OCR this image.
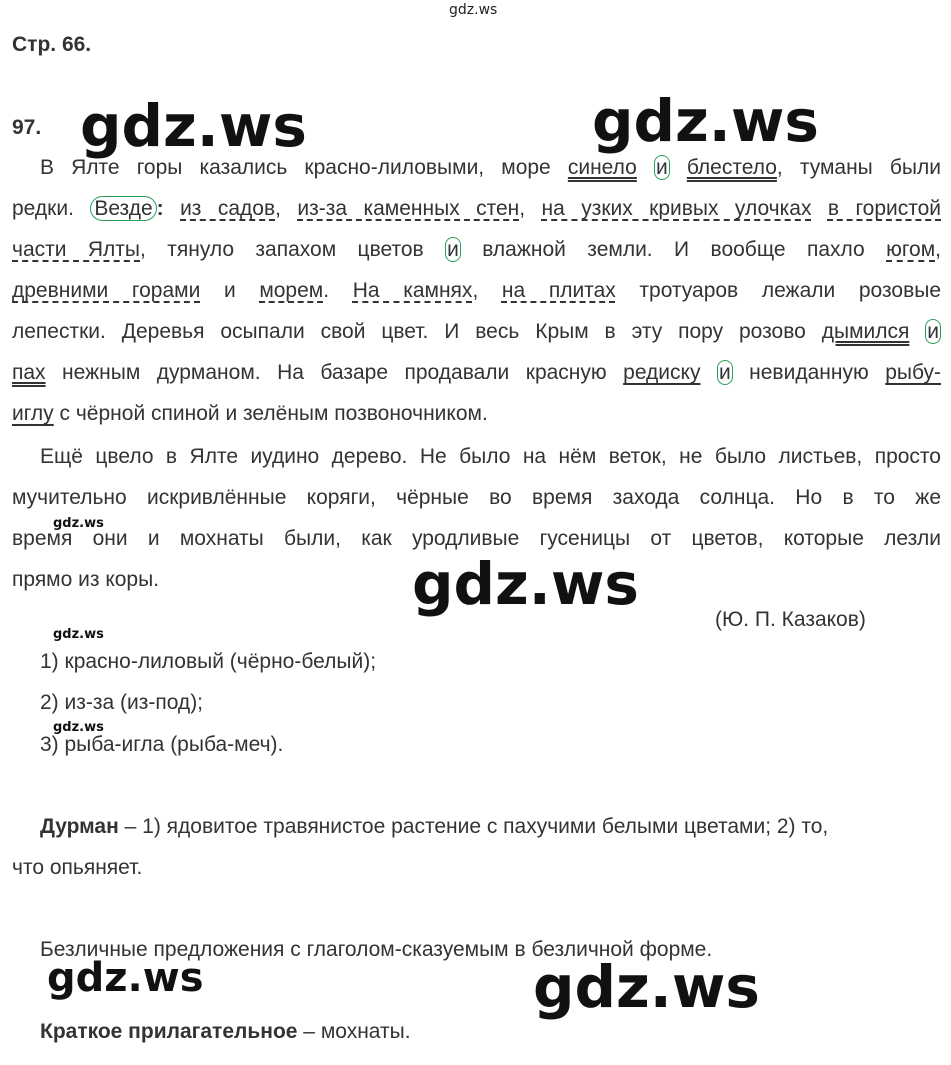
gdz.ws
gdz.ws	gdz.ws
gdz.ws
gdz.ws
gdz.ws
gdz.ws
gdz.ws
gdz.ws
Стр. 66.
97.
В Ялте горы казались красно-лиловыми, море синело и блестело, туманы были
редки. Везде : из садов, из-за каменных стен, на узких кривых улочках в гористой
части Ялты, тянуло запахом цветов и влажной земли. И вообще пахло югом,
древними горами и морем. На камнях, на плитах тротуаров лежали розовые
лепестки. Деревья осыпали свой цвет. И весь Крым в эту пору розово дымился и
пах нежным дурманом. На базаре продавали красную редиску и невиданную рыбу-
иглу с чёрной спиной и зелёным позвоночником.
Ещё цвело в Ялте иудино дерево. Не было на нём веток, не было листьев, просто
мучительно искривлённые коряги, чёрные во время захода солнца. Но в то же
время они и мохнаты были, как уродливые гусеницы от цветов, которые лезли
прямо из коры.
(Ю. П. Казаков)
1) красно-лиловый (чёрно-белый);
2) из-за (из-под);
3) рыба-игла (рыба-меч).
Дурман – 1) ядовитое травянистое растение с пахучими белыми цветами; 2) то,
что опьяняет.
Безличные предложения с глаголом-сказуемым в безличной форме.
Краткое прилагательное – мохнаты.
